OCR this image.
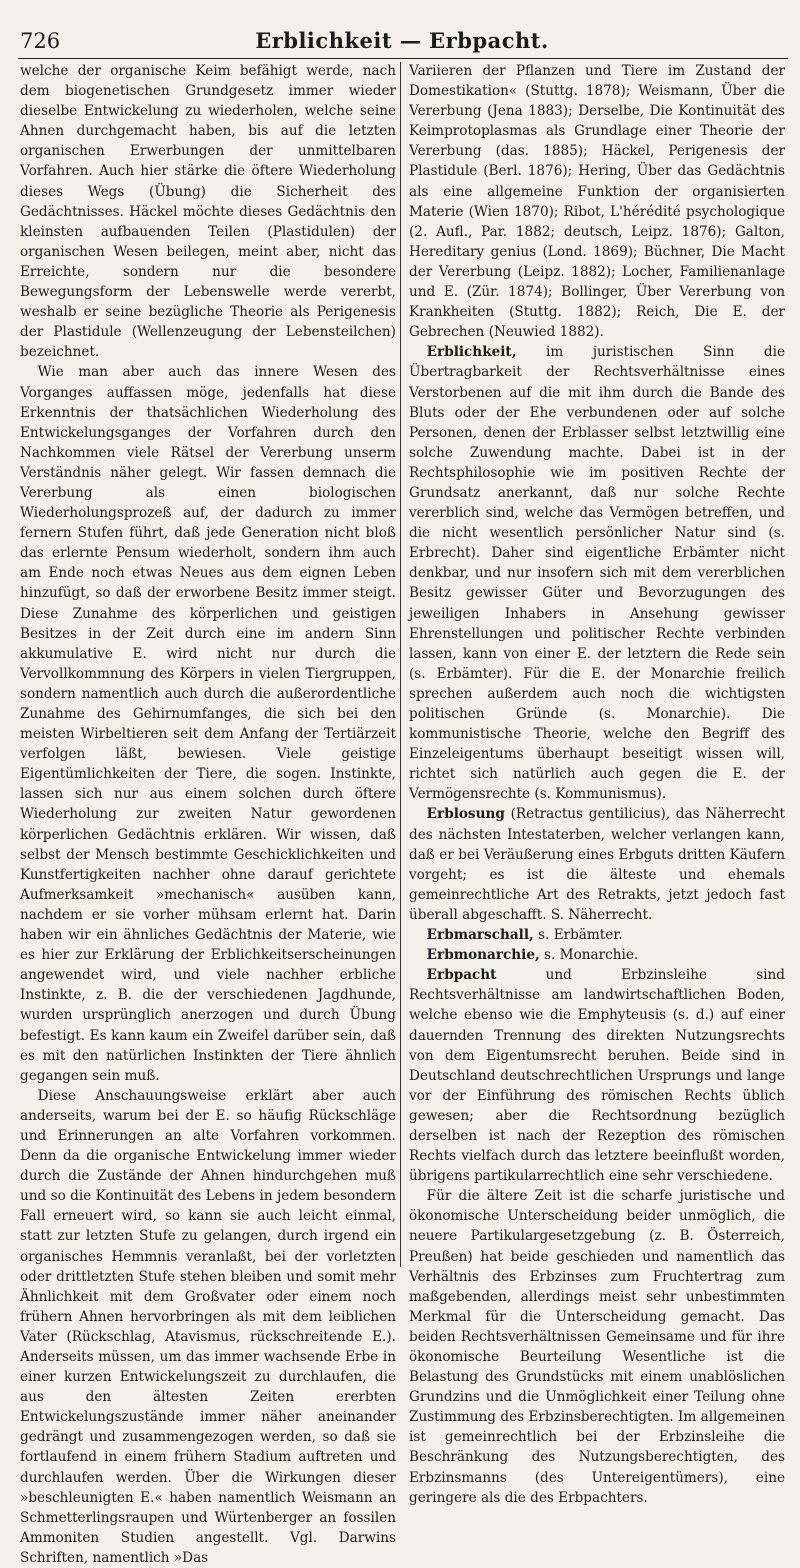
726	Erblichkeit — Erbpacht.

welche der organische Keim befähigt werde, nach dem biogenetischen Grundgesetz immer wieder dieselbe Entwickelung zu wiederholen, welche seine Ahnen durchgemacht haben, bis auf die letzten organischen Erwerbungen der unmittelbaren Vorfahren. Auch hier stärke die öftere Wiederholung dieses Wegs (Übung) die Sicherheit des Gedächtnisses. Häckel möchte dieses Gedächtnis den kleinsten aufbauenden Teilen (Plastidulen) der organischen Wesen beilegen, meint aber, nicht das Erreichte, sondern nur die besondere Bewegungsform der Lebenswelle werde vererbt, weshalb er seine bezügliche Theorie als Perigenesis der Plastidule (Wellenzeugung der Lebensteilchen) bezeichnet.

Wie man aber auch das innere Wesen des Vorganges auffassen möge, jedenfalls hat diese Erkenntnis der thatsächlichen Wiederholung des Entwickelungsganges der Vorfahren durch den Nachkommen viele Rätsel der Vererbung unserm Verständnis näher gelegt. Wir fassen demnach die Vererbung als einen biologischen Wiederholungsprozeß auf, der dadurch zu immer fernern Stufen führt, daß jede Generation nicht bloß das erlernte Pensum wiederholt, sondern ihm auch am Ende noch etwas Neues aus dem eignen Leben hinzufügt, so daß der erworbene Besitz immer steigt. Diese Zunahme des körperlichen und geistigen Besitzes in der Zeit durch eine im andern Sinn akkumulative E. wird nicht nur durch die Vervollkommnung des Körpers in vielen Tiergruppen, sondern namentlich auch durch die außerordentliche Zunahme des Gehirnumfanges, die sich bei den meisten Wirbeltieren seit dem Anfang der Tertiärzeit verfolgen läßt, bewiesen. Viele geistige Eigentümlichkeiten der Tiere, die sogen. Instinkte, lassen sich nur aus einem solchen durch öftere Wiederholung zur zweiten Natur gewordenen körperlichen Gedächtnis erklären. Wir wissen, daß selbst der Mensch bestimmte Geschicklichkeiten und Kunstfertigkeiten nachher ohne darauf gerichtete Aufmerksamkeit »mechanisch« ausüben kann, nachdem er sie vorher mühsam erlernt hat. Darin haben wir ein ähnliches Gedächtnis der Materie, wie es hier zur Erklärung der Erblichkeitserscheinungen angewendet wird, und viele nachher erbliche Instinkte, z. B. die der verschiedenen Jagdhunde, wurden ursprünglich anerzogen und durch Übung befestigt. Es kann kaum ein Zweifel darüber sein, daß es mit den natürlichen Instinkten der Tiere ähnlich gegangen sein muß.

Diese Anschauungsweise erklärt aber auch anderseits, warum bei der E. so häufig Rückschläge und Erinnerungen an alte Vorfahren vorkommen. Denn da die organische Entwickelung immer wieder durch die Zustände der Ahnen hindurchgehen muß und so die Kontinuität des Lebens in jedem besondern Fall erneuert wird, so kann sie auch leicht einmal, statt zur letzten Stufe zu gelangen, durch irgend ein organisches Hemmnis veranlaßt, bei der vorletzten oder drittletzten Stufe stehen bleiben und somit mehr Ähnlichkeit mit dem Großvater oder einem noch frühern Ahnen hervorbringen als mit dem leiblichen Vater (Rückschlag, Atavismus, rückschreitende E.). Anderseits müssen, um das immer wachsende Erbe in einer kurzen Entwickelungszeit zu durchlaufen, die aus den ältesten Zeiten ererbten Entwickelungszustände immer näher aneinander gedrängt und zusammengezogen werden, so daß sie fortlaufend in einem frühern Stadium auftreten und durchlaufen werden. Über die Wirkungen dieser »beschleunigten E.« haben namentlich Weismann an Schmetterlingsraupen und Würtenberger an fossilen Ammoniten Studien angestellt. Vgl. Darwins Schriften, namentlich »Das

Variieren der Pflanzen und Tiere im Zustand der Domestikation« (Stuttg. 1878); Weismann, Über die Vererbung (Jena 1883); Derselbe, Die Kontinuität des Keimprotoplasmas als Grundlage einer Theorie der Vererbung (das. 1885); Häckel, Perigenesis der Plastidule (Berl. 1876); Hering, Über das Gedächtnis als eine allgemeine Funktion der organisierten Materie (Wien 1870); Ribot, L'hérédité psychologique (2. Aufl., Par. 1882; deutsch, Leipz. 1876); Galton, Hereditary genius (Lond. 1869); Büchner, Die Macht der Vererbung (Leipz. 1882); Locher, Familienanlage und E. (Zür. 1874); Bollinger, Über Vererbung von Krankheiten (Stuttg. 1882); Reich, Die E. der Gebrechen (Neuwied 1882).

Erblichkeit, im juristischen Sinn die Übertragbarkeit der Rechtsverhältnisse eines Verstorbenen auf die mit ihm durch die Bande des Bluts oder der Ehe verbundenen oder auf solche Personen, denen der Erblasser selbst letztwillig eine solche Zuwendung machte. Dabei ist in der Rechtsphilosophie wie im positiven Rechte der Grundsatz anerkannt, daß nur solche Rechte vererblich sind, welche das Vermögen betreffen, und die nicht wesentlich persönlicher Natur sind (s. Erbrecht). Daher sind eigentliche Erbämter nicht denkbar, und nur insofern sich mit dem vererblichen Besitz gewisser Güter und Bevorzugungen des jeweiligen Inhabers in Ansehung gewisser Ehrenstellungen und politischer Rechte verbinden lassen, kann von einer E. der letztern die Rede sein (s. Erbämter). Für die E. der Monarchie freilich sprechen außerdem auch noch die wichtigsten politischen Gründe (s. Monarchie). Die kommunistische Theorie, welche den Begriff des Einzeleigentums überhaupt beseitigt wissen will, richtet sich natürlich auch gegen die E. der Vermögensrechte (s. Kommunismus).

Erblosung (Retractus gentilicius), das Näherrecht des nächsten Intestaterben, welcher verlangen kann, daß er bei Veräußerung eines Erbguts dritten Käufern vorgeht; es ist die älteste und ehemals gemeinrechtliche Art des Retrakts, jetzt jedoch fast überall abgeschafft. S. Näherrecht.

Erbmarschall, s. Erbämter.

Erbmonarchie, s. Monarchie.

Erbpacht und Erbzinsleihe sind Rechtsverhältnisse am landwirtschaftlichen Boden, welche ebenso wie die Emphyteusis (s. d.) auf einer dauernden Trennung des direkten Nutzungsrechts von dem Eigentumsrecht beruhen. Beide sind in Deutschland deutschrechtlichen Ursprungs und lange vor der Einführung des römischen Rechts üblich gewesen; aber die Rechtsordnung bezüglich derselben ist nach der Rezeption des römischen Rechts vielfach durch das letztere beeinflußt worden, übrigens partikularrechtlich eine sehr verschiedene.

Für die ältere Zeit ist die scharfe juristische und ökonomische Unterscheidung beider unmöglich, die neuere Partikulargesetzgebung (z. B. Österreich, Preußen) hat beide geschieden und namentlich das Verhältnis des Erbzinses zum Fruchtertrag zum maßgebenden, allerdings meist sehr unbestimmten Merkmal für die Unterscheidung gemacht. Das beiden Rechtsverhältnissen Gemeinsame und für ihre ökonomische Beurteilung Wesentliche ist die Belastung des Grundstücks mit einem unablöslichen Grundzins und die Unmöglichkeit einer Teilung ohne Zustimmung des Erbzinsberechtigten. Im allgemeinen ist gemeinrechtlich bei der Erbzinsleihe die Beschränkung des Nutzungsberechtigten, des Erbzinsmanns (des Untereigentümers), eine geringere als die des Erbpachters.
